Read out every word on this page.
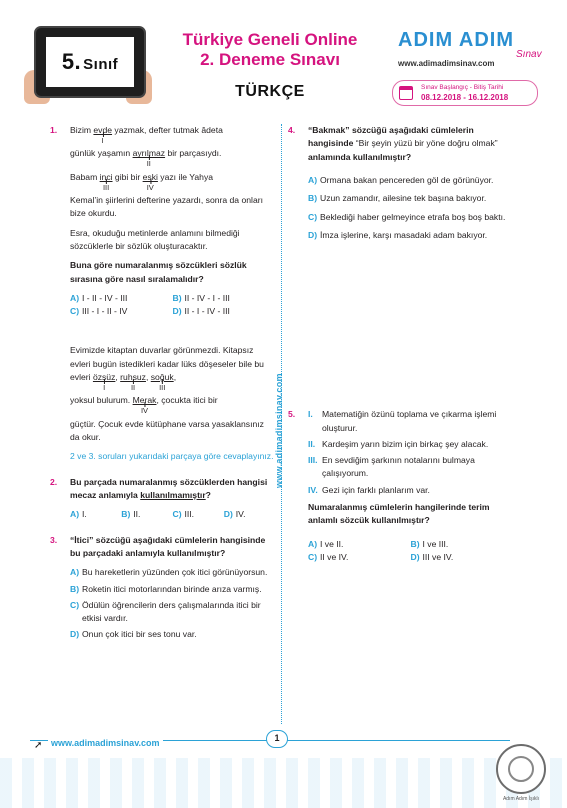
5. Sınıf
Türkiye Geneli Online
2. Deneme Sınavı
TÜRKÇE
ADIM ADIM
Sınav
www.adimadimsinav.com
Sınav Başlangıç - Bitiş Tarihi
08.12.2018 - 16.12.2018
www.adimadimsinav.com
1. Bizim evde
I
yazmak, defter tutmak âdeta
günlük yaşamın ayrılmaz
II
bir parçasıydı.
Babam inci
III
gibi bir eski
IV
yazı ile Yahya
Kemal’in şiirlerini defterine yazardı, sonra da onları bize okurdu.
Esra, okuduğu metinlerde anlamını bilmediği sözcüklerle bir sözlük oluşturacaktır.
Buna göre numaralanmış sözcükleri sözlük sırasına göre nasıl sıralamalıdır?
A) I - II - IV - III	B) II - IV - I - III
C) III - I - II - IV	D) II - I - IV - III
Evimizde kitaptan duvarlar görünmezdi. Kitapsız evleri bugün istedikleri kadar lüks döşeseler bile bu evleri özsüz
I
, ruhsuz
II
, soğuk
III
,
yoksul bulurum. Merak
IV
, çocukta itici bir
güçtür. Çocuk evde kütüphane varsa yasaklansınız da okur.
2 ve 3. soruları yukarıdaki parçaya göre cevaplayınız.
2. Bu parçada numaralanmış sözcüklerden hangisi mecaz anlamıyla kullanılmamıştır?
A) I.	B) II.	C) III.	D) IV.
3. “İtici” sözcüğü aşağıdaki cümlelerin hangisinde bu parçadaki anlamıyla kullanılmıştır?
A) Bu hareketlerin yüzünden çok itici görünüyorsun.
B) Roketin itici motorlarından birinde arıza varmış.
C) Ödülün öğrencilerin ders çalışmalarında itici bir etkisi vardır.
D) Onun çok itici bir ses tonu var.
4. “Bakmak” sözcüğü aşağıdaki cümlelerin hangisinde “Bir şeyin yüzü bir yöne doğru olmak” anlamında kullanılmıştır?
A) Ormana bakan pencereden göl de görünüyor.
B) Uzun zamandır, ailesine tek başına bakıyor.
C) Beklediği haber gelmeyince etrafa boş boş baktı.
D) İmza işlerine, karşı masadaki adam bakıyor.
5. I. Matematiğin özünü toplama ve çıkarma işlemi oluşturur.
II. Kardeşim yarın bizim için birkaç şey alacak.
III. En sevdiğim şarkının notalarını bulmaya çalışıyorum.
IV. Gezi için farklı planlarım var.
Numaralanmış cümlelerin hangilerinde terim anlamlı sözcük kullanılmıştır?
A) I ve II.	B) I ve III.
C) II ve IV.	D) III ve IV.
➚ www.adimadimsinav.com	1
Adım Adım İşıklı
